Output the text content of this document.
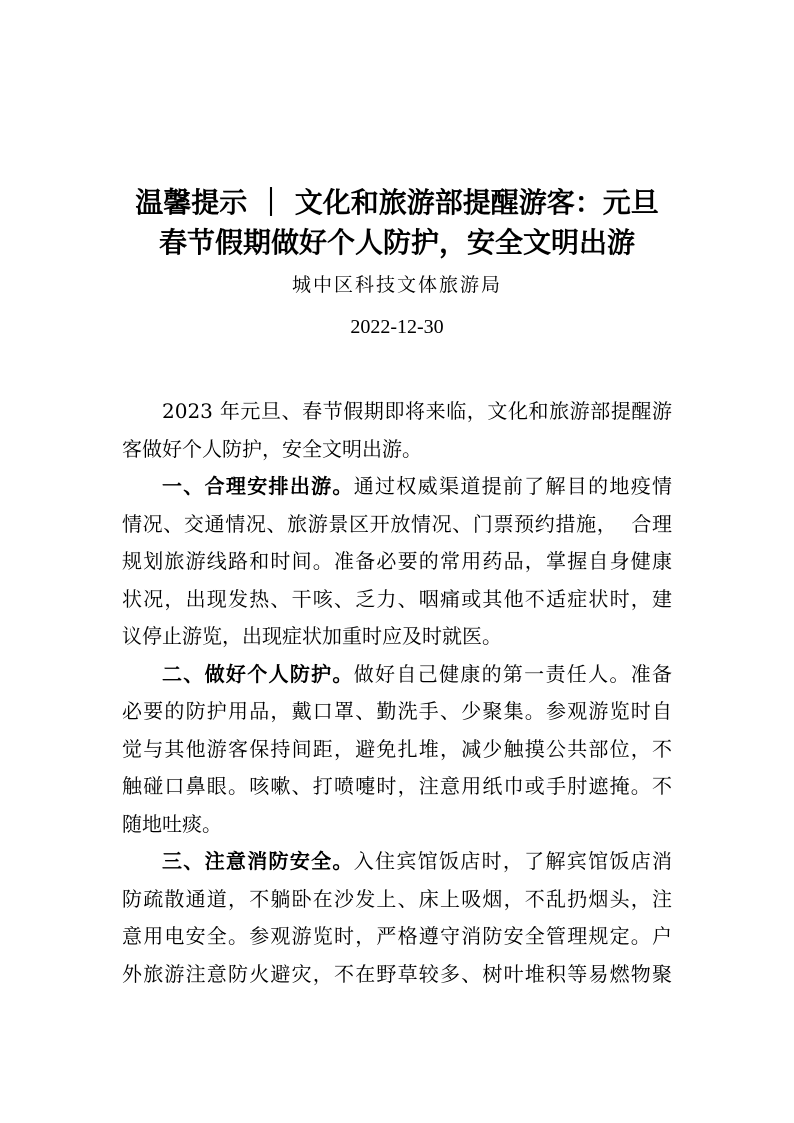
温馨提示 ｜ 文化和旅游部提醒游客：元旦
春节假期做好个人防护，安全文明出游
城中区科技文体旅游局
2022-12-30
2023 年元旦、春节假期即将来临，文化和旅游部提醒游
客做好个人防护，安全文明出游。
一、合理安排出游。通过权威渠道提前了解目的地疫情
情况、交通情况、旅游景区开放情况、门票预约措施，  合理
规划旅游线路和时间。准备必要的常用药品，掌握自身健康
状况，出现发热、干咳、乏力、咽痛或其他不适症状时，建
议停止游览，出现症状加重时应及时就医。
二、做好个人防护。做好自己健康的第一责任人。准备
必要的防护用品，戴口罩、勤洗手、少聚集。参观游览时自
觉与其他游客保持间距，避免扎堆，减少触摸公共部位，不
触碰口鼻眼。咳嗽、打喷嚏时，注意用纸巾或手肘遮掩。不
随地吐痰。
三、注意消防安全。入住宾馆饭店时，了解宾馆饭店消
防疏散通道，不躺卧在沙发上、床上吸烟，不乱扔烟头，注
意用电安全。参观游览时，严格遵守消防安全管理规定。户
外旅游注意防火避灾，不在野草较多、树叶堆积等易燃物聚
